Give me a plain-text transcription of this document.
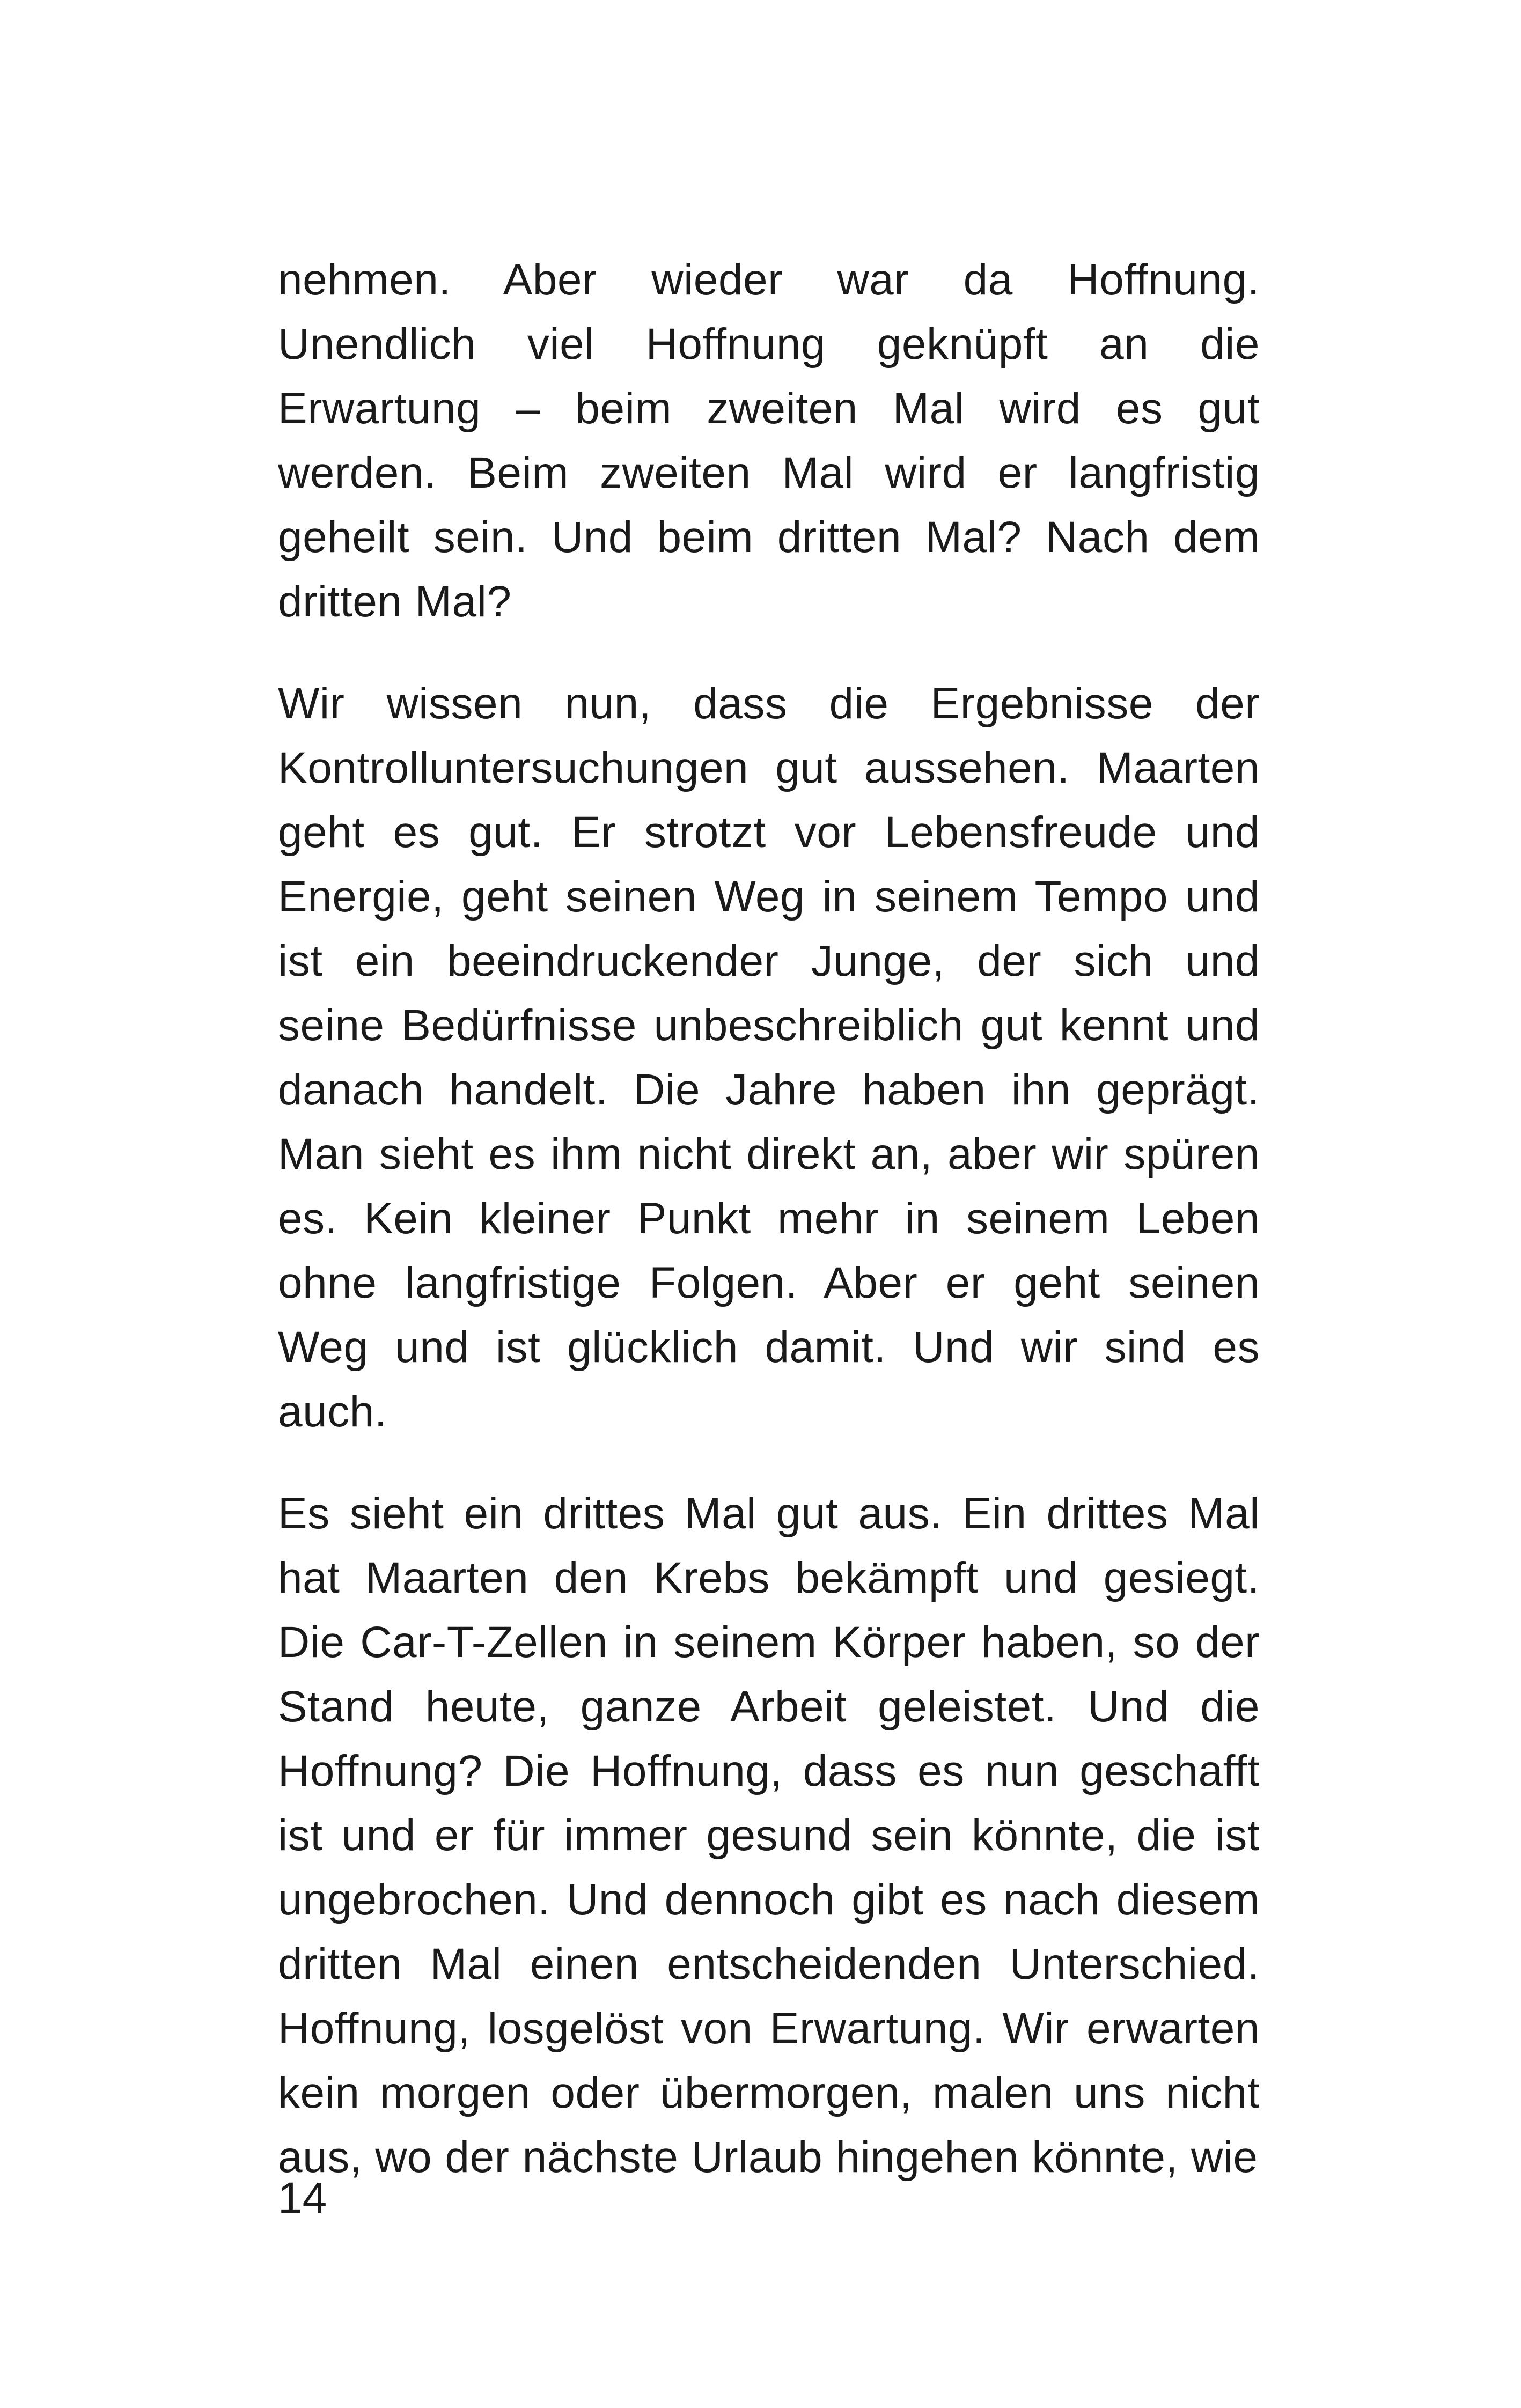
nehmen. Aber wieder war da Hoffnung. Unendlich viel Hoffnung geknüpft an die Erwartung – beim zweiten Mal wird es gut werden. Beim zweiten Mal wird er langfristig geheilt sein. Und beim dritten Mal? Nach dem dritten Mal?

Wir wissen nun, dass die Ergebnisse der Kontrolluntersuchungen gut aussehen. Maarten geht es gut. Er strotzt vor Lebensfreude und Energie, geht seinen Weg in seinem Tempo und ist ein beeindruckender Junge, der sich und seine Bedürfnisse unbeschreiblich gut kennt und danach handelt. Die Jahre haben ihn geprägt. Man sieht es ihm nicht direkt an, aber wir spüren es. Kein kleiner Punkt mehr in seinem Leben ohne langfristige Folgen. Aber er geht seinen Weg und ist glücklich damit. Und wir sind es auch.

Es sieht ein drittes Mal gut aus. Ein drittes Mal hat Maarten den Krebs bekämpft und gesiegt. Die Car-T-Zellen in seinem Körper haben, so der Stand heute, ganze Arbeit geleistet. Und die Hoffnung? Die Hoffnung, dass es nun geschafft ist und er für immer gesund sein könnte, die ist ungebrochen. Und dennoch gibt es nach diesem dritten Mal einen entscheidenden Unterschied. Hoffnung, losgelöst von Erwartung. Wir erwarten kein morgen oder übermorgen, malen uns nicht aus, wo der nächste Urlaub hingehen könnte, wie

14
